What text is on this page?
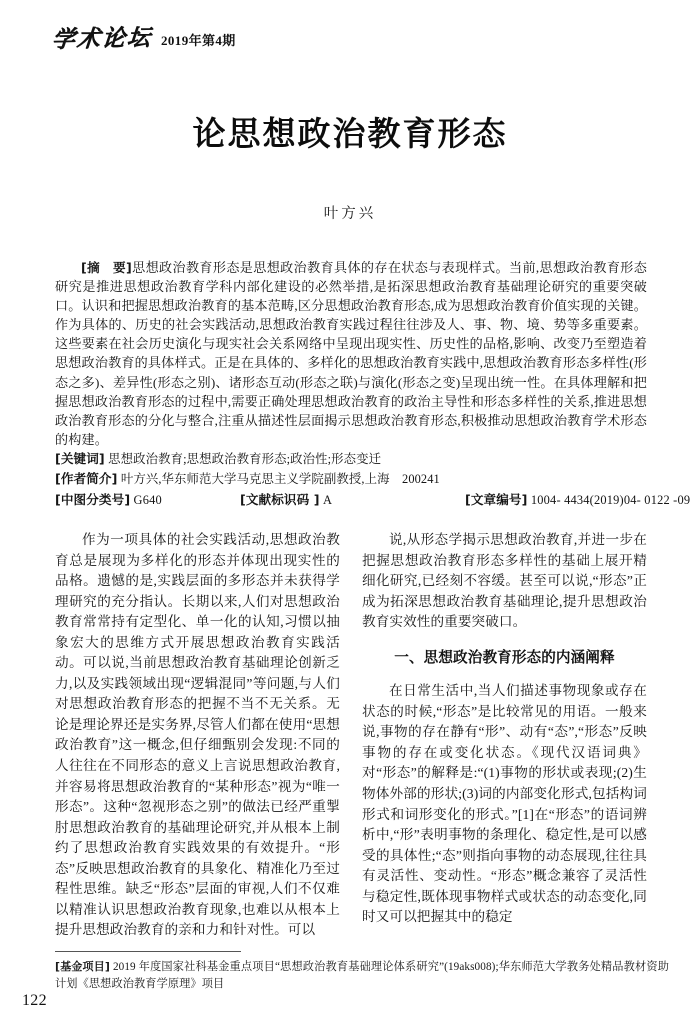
学术论坛 2019年第4期
论思想政治教育形态
叶方兴
[摘　要]思想政治教育形态是思想政治教育具体的存在状态与表现样式。当前,思想政治教育形态研究是推进思想政治教育学科内部化建设的必然举措,是拓深思想政治教育基础理论研究的重要突破口。认识和把握思想政治教育的基本范畴,区分思想政治教育形态,成为思想政治教育价值实现的关键。作为具体的、历史的社会实践活动,思想政治教育实践过程往往涉及人、事、物、境、势等多重要素。这些要素在社会历史演化与现实社会关系网络中呈现出现实性、历史性的品格,影响、改变乃至塑造着思想政治教育的具体样式。正是在具体的、多样化的思想政治教育实践中,思想政治教育形态多样性(形态之多)、差异性(形态之别)、诸形态互动(形态之联)与演化(形态之变)呈现出统一性。在具体理解和把握思想政治教育形态的过程中,需要正确处理思想政治教育的政治主导性和形态多样性的关系,推进思想政治教育形态的分化与整合,注重从描述性层面揭示思想政治教育形态,积极推动思想政治教育学术形态的构建。
[关键词] 思想政治教育;思想政治教育形态;政治性;形态变迁
[作者简介] 叶方兴,华东师范大学马克思主义学院副教授,上海　200241
[中图分类号] G640	[文献标识码 ] A	[文章编号] 1004- 4434(2019)04- 0122 -09

作为一项具体的社会实践活动,思想政治教育总是展现为多样化的形态并体现出现实性的品格。遗憾的是,实践层面的多形态并未获得学理研究的充分指认。长期以来,人们对思想政治教育常常持有定型化、单一化的认知,习惯以抽象宏大的思维方式开展思想政治教育实践活动。可以说,当前思想政治教育基础理论创新乏力,以及实践领域出现“逻辑混同”等问题,与人们对思想政治教育形态的把握不当不无关系。无论是理论界还是实务界,尽管人们都在使用“思想政治教育”这一概念,但仔细甄别会发现:不同的人往往在不同形态的意义上言说思想政治教育,并容易将思想政治教育的“某种形态”视为“唯一形态”。这种“忽视形态之别”的做法已经严重掣肘思想政治教育的基础理论研究,并从根本上制约了思想政治教育实践效果的有效提升。“形态”反映思想政治教育的具象化、精准化乃至过程性思维。缺乏“形态”层面的审视,人们不仅难以精准认识思想政治教育现象,也难以从根本上提升思想政治教育的亲和力和针对性。可以

说,从形态学揭示思想政治教育,并进一步在把握思想政治教育形态多样性的基础上展开精细化研究,已经刻不容缓。甚至可以说,“形态”正成为拓深思想政治教育基础理论,提升思想政治教育实效性的重要突破口。

一、思想政治教育形态的内涵阐释

在日常生活中,当人们描述事物现象或存在状态的时候,“形态”是比较常见的用语。一般来说,事物的存在静有“形”、动有“态”,“形态”反映事物的存在或变化状态。《现代汉语词典》对“形态”的解释是:“(1)事物的形状或表现;(2)生物体外部的形状;(3)词的内部变化形式,包括构词形式和词形变化的形式。”[1]在“形态”的语词辨析中,“形”表明事物的条理化、稳定性,是可以感受的具体性;“态”则指向事物的动态展现,往往具有灵活性、变动性。“形态”概念兼容了灵活性与稳定性,既体现事物样式或状态的动态变化,同时又可以把握其中的稳定

[基金项目] 2019 年度国家社科基金重点项目“思想政治教育基础理论体系研究”(19aks008);华东师范大学教务处精品教材资助计划《思想政治教育学原理》项目
122
